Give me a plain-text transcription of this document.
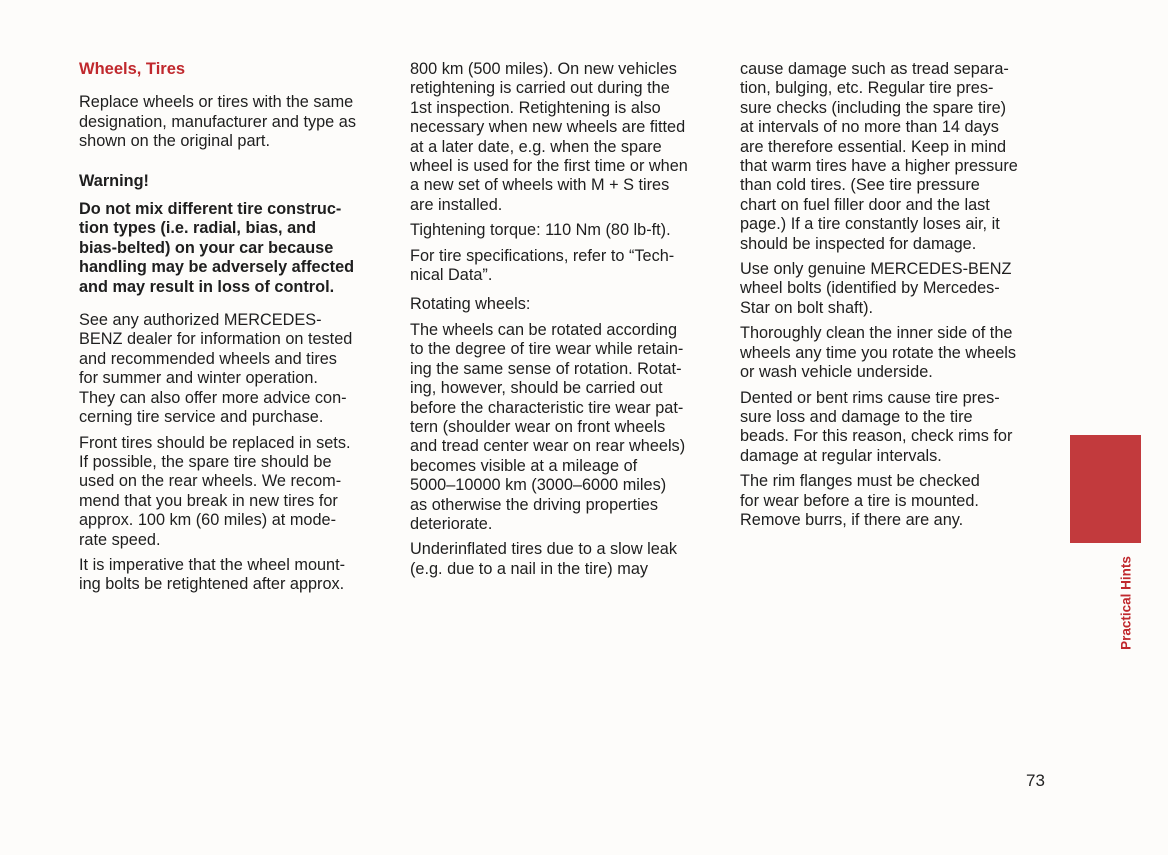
Wheels, Tires

Replace wheels or tires with the same
designation, manufacturer and type as
shown on the original part.

Warning!

Do not mix different tire construc-
tion types (i.e. radial, bias, and
bias-belted) on your car because
handling may be adversely affected
and may result in loss of control.

See any authorized MERCEDES-
BENZ dealer for information on tested
and recommended wheels and tires
for summer and winter operation.
They can also offer more advice con-
cerning tire service and purchase.

Front tires should be replaced in sets.
If possible, the spare tire should be
used on the rear wheels. We recom-
mend that you break in new tires for
approx. 100 km (60 miles) at mode-
rate speed.

It is imperative that the wheel mount-
ing bolts be retightened after approx.

800 km (500 miles). On new vehicles
retightening is carried out during the
1st inspection. Retightening is also
necessary when new wheels are fitted
at a later date, e.g. when the spare
wheel is used for the first time or when
a new set of wheels with M + S tires
are installed.

Tightening torque: 110 Nm (80 lb-ft).

For tire specifications, refer to “Tech-
nical Data”.

Rotating wheels:

The wheels can be rotated according
to the degree of tire wear while retain-
ing the same sense of rotation. Rotat-
ing, however, should be carried out
before the characteristic tire wear pat-
tern (shoulder wear on front wheels
and tread center wear on rear wheels)
becomes visible at a mileage of
5000–10000 km (3000–6000 miles)
as otherwise the driving properties
deteriorate.

Underinflated tires due to a slow leak
(e.g. due to a nail in the tire) may

cause damage such as tread separa-
tion, bulging, etc. Regular tire pres-
sure checks (including the spare tire)
at intervals of no more than 14 days
are therefore essential. Keep in mind
that warm tires have a higher pressure
than cold tires. (See tire pressure
chart on fuel filler door and the last
page.) If a tire constantly loses air, it
should be inspected for damage.

Use only genuine MERCEDES-BENZ
wheel bolts (identified by Mercedes-
Star on bolt shaft).

Thoroughly clean the inner side of the
wheels any time you rotate the wheels
or wash vehicle underside.

Dented or bent rims cause tire pres-
sure loss and damage to the tire
beads. For this reason, check rims for
damage at regular intervals.

The rim flanges must be checked
for wear before a tire is mounted.
Remove burrs, if there are any.

Practical Hints
73
